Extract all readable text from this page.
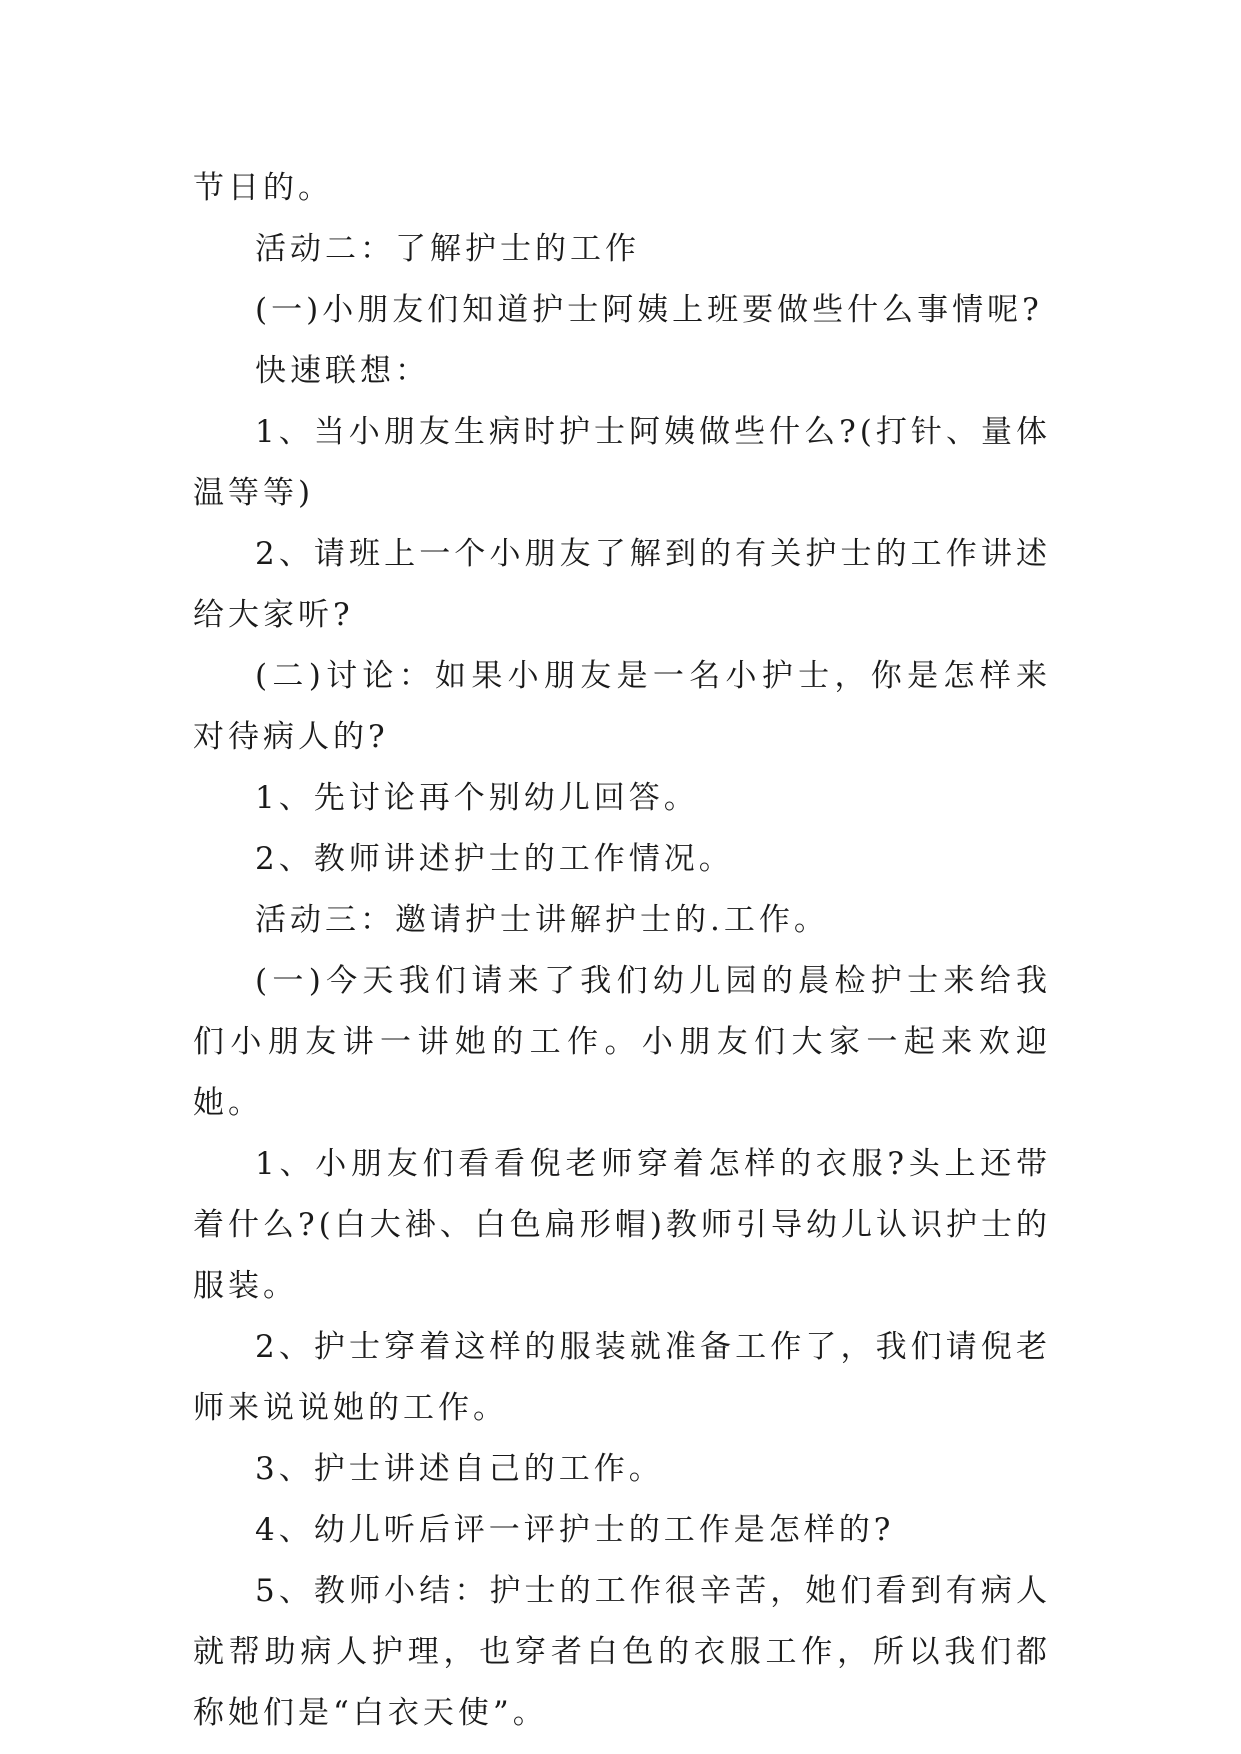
节日的。

活动二：了解护士的工作

(一)小朋友们知道护士阿姨上班要做些什么事情呢?

快速联想：

1、当小朋友生病时护士阿姨做些什么?(打针、量体温等等)

2、请班上一个小朋友了解到的有关护士的工作讲述给大家听?

(二)讨论：如果小朋友是一名小护士，你是怎样来对待病人的?

1、先讨论再个别幼儿回答。

2、教师讲述护士的工作情况。

活动三：邀请护士讲解护士的.工作。

(一)今天我们请来了我们幼儿园的晨检护士来给我们小朋友讲一讲她的工作。小朋友们大家一起来欢迎她。

1、小朋友们看看倪老师穿着怎样的衣服?头上还带着什么?(白大褂、白色扁形帽)教师引导幼儿认识护士的服装。

2、护士穿着这样的服装就准备工作了，我们请倪老师来说说她的工作。

3、护士讲述自己的工作。

4、幼儿听后评一评护士的工作是怎样的?

5、教师小结：护士的工作很辛苦，她们看到有病人就帮助病人护理，也穿者白色的衣服工作，所以我们都称她们是“白衣天使”。
